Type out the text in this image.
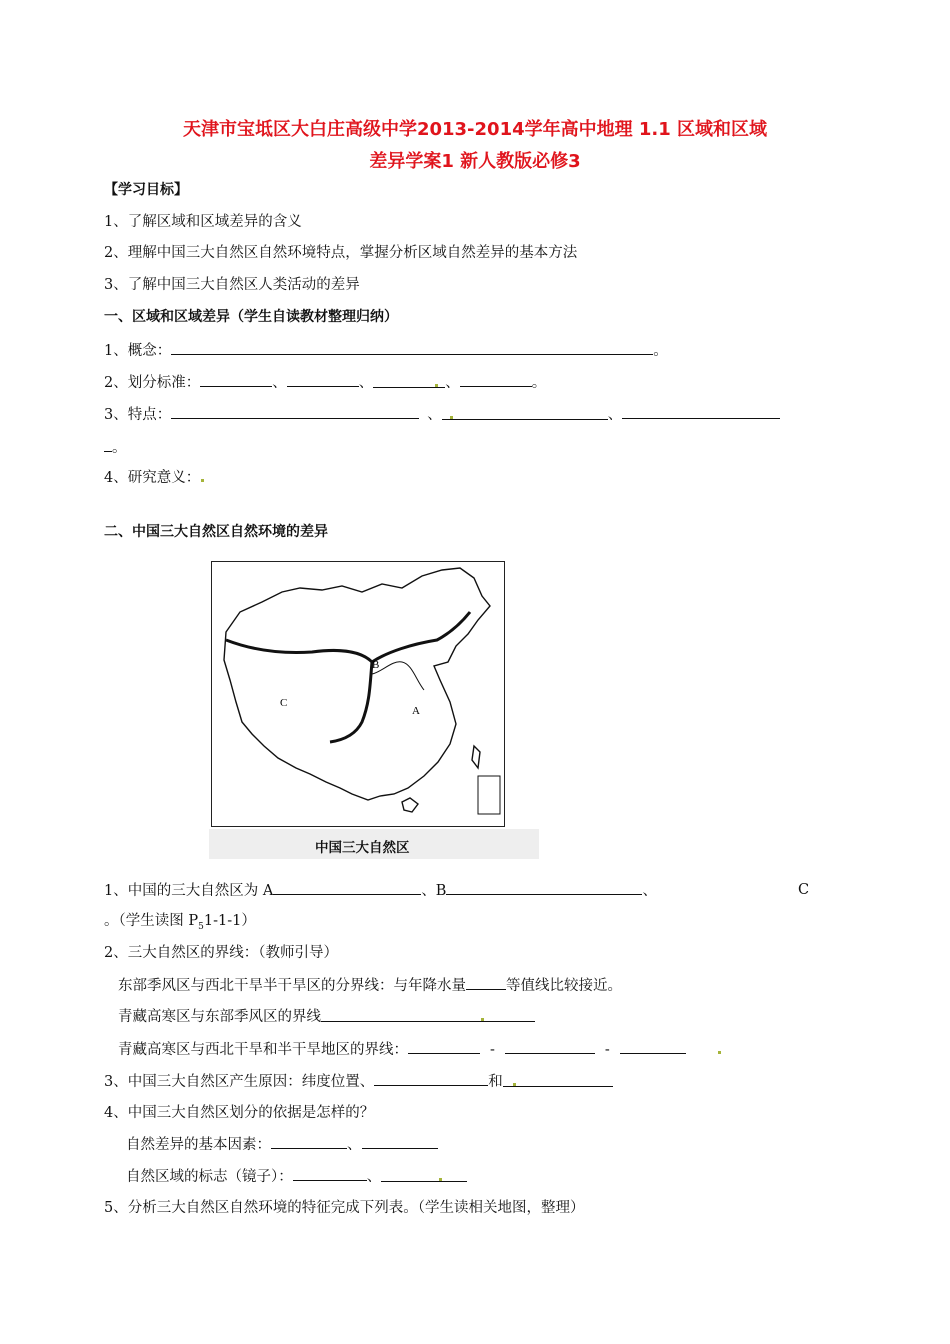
天津市宝坻区大白庄高级中学2013-2014学年高中地理 1.1 区域和区域
差异学案1 新人教版必修3
【学习目标】
1、了解区域和区域差异的含义
2、理解中国三大自然区自然环境特点，掌握分析区域自然差异的基本方法
3、了解中国三大自然区人类活动的差异
一、区域和区域差异（学生自读教材整理归纳）
1、概念：	。
2、划分标准：	、	、	、	。
3、特点：	、	、
。
4、研究意义：
二、中国三大自然区自然环境的差异
A
B
C
中国三大自然区
1、中国的三大自然区为 A	、B	、	C
。（学生读图 $P_51-1-1$）
2、三大自然区的界线：（教师引导）
东部季风区与西北干旱半干旱区的分界线：与年降水量	等值线比较接近。
青藏高寒区与东部季风区的界线
青藏高寒区与西北干旱和半干旱地区的界线：	-	-
3、中国三大自然区产生原因：纬度位置、	和
4、中国三大自然区划分的依据是怎样的？
自然差异的基本因素：	、
自然区域的标志（镜子）：	、
5、分析三大自然区自然环境的特征完成下列表。（学生读相关地图，整理）
